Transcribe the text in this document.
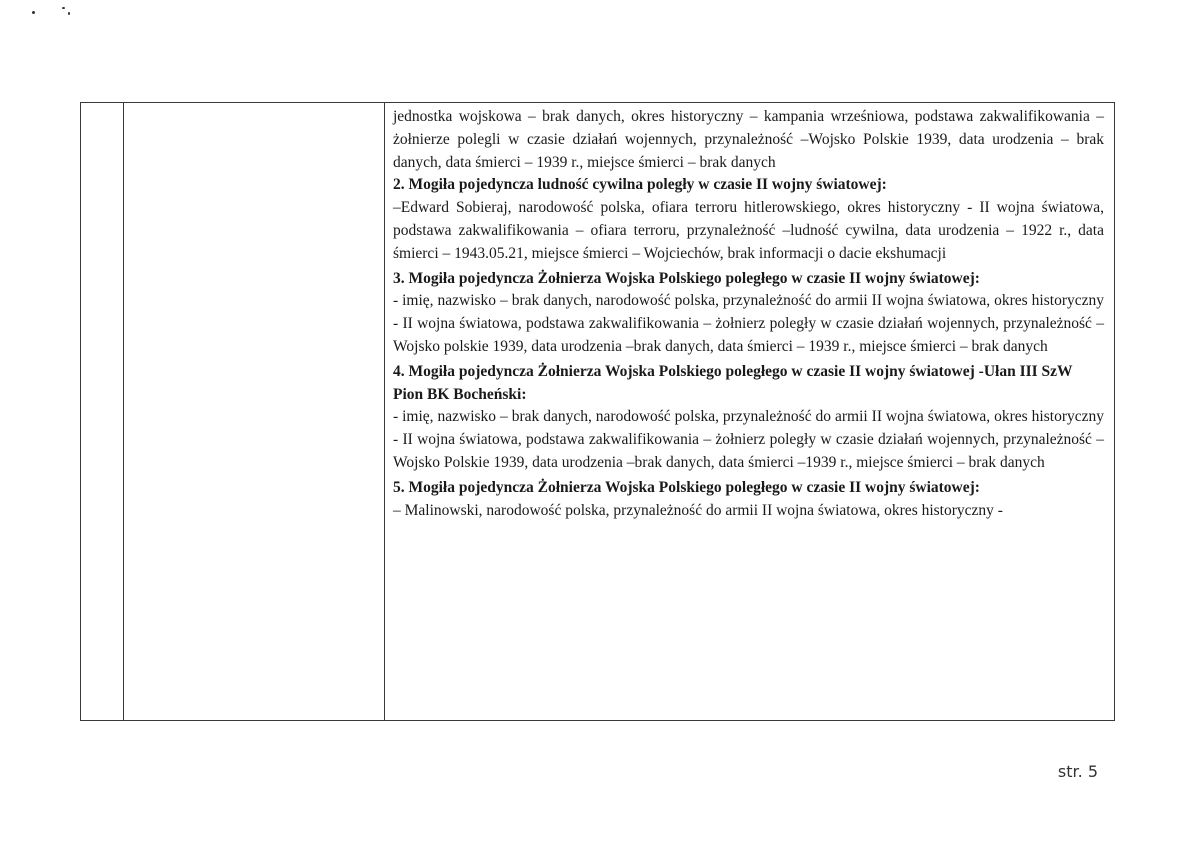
jednostka wojskowa – brak danych, okres historyczny – kampania wrześniowa, podstawa zakwalifikowania – żołnierze polegli w czasie działań wojennych, przynależność –Wojsko Polskie 1939, data urodzenia – brak danych, data śmierci – 1939 r., miejsce śmierci – brak danych

2. Mogiła pojedyncza ludność cywilna poległy w czasie II wojny światowej:

–Edward Sobieraj, narodowość polska, ofiara terroru hitlerowskiego, okres historyczny - II wojna światowa, podstawa zakwalifikowania – ofiara terroru, przynależność –ludność cywilna, data urodzenia – 1922 r., data śmierci – 1943.05.21, miejsce śmierci – Wojciechów, brak informacji o dacie ekshumacji

3. Mogiła pojedyncza Żołnierza Wojska Polskiego poległego w czasie II wojny światowej:

- imię, nazwisko – brak danych, narodowość polska, przynależność do armii II wojna światowa, okres historyczny - II wojna światowa, podstawa zakwalifikowania – żołnierz poległy w czasie działań wojennych, przynależność – Wojsko polskie 1939, data urodzenia –brak danych, data śmierci – 1939 r., miejsce śmierci – brak danych

4. Mogiła pojedyncza Żołnierza Wojska Polskiego poległego w czasie II wojny światowej -Ułan III SzW Pion BK Bocheński:

- imię, nazwisko – brak danych, narodowość polska, przynależność do armii II wojna światowa, okres historyczny - II wojna światowa, podstawa zakwalifikowania – żołnierz poległy w czasie działań wojennych, przynależność – Wojsko Polskie 1939, data urodzenia –brak danych, data śmierci –1939 r., miejsce śmierci – brak danych

5. Mogiła pojedyncza Żołnierza Wojska Polskiego poległego w czasie II wojny światowej:

– Malinowski, narodowość polska, przynależność do armii II wojna światowa, okres historyczny -

str. 5
